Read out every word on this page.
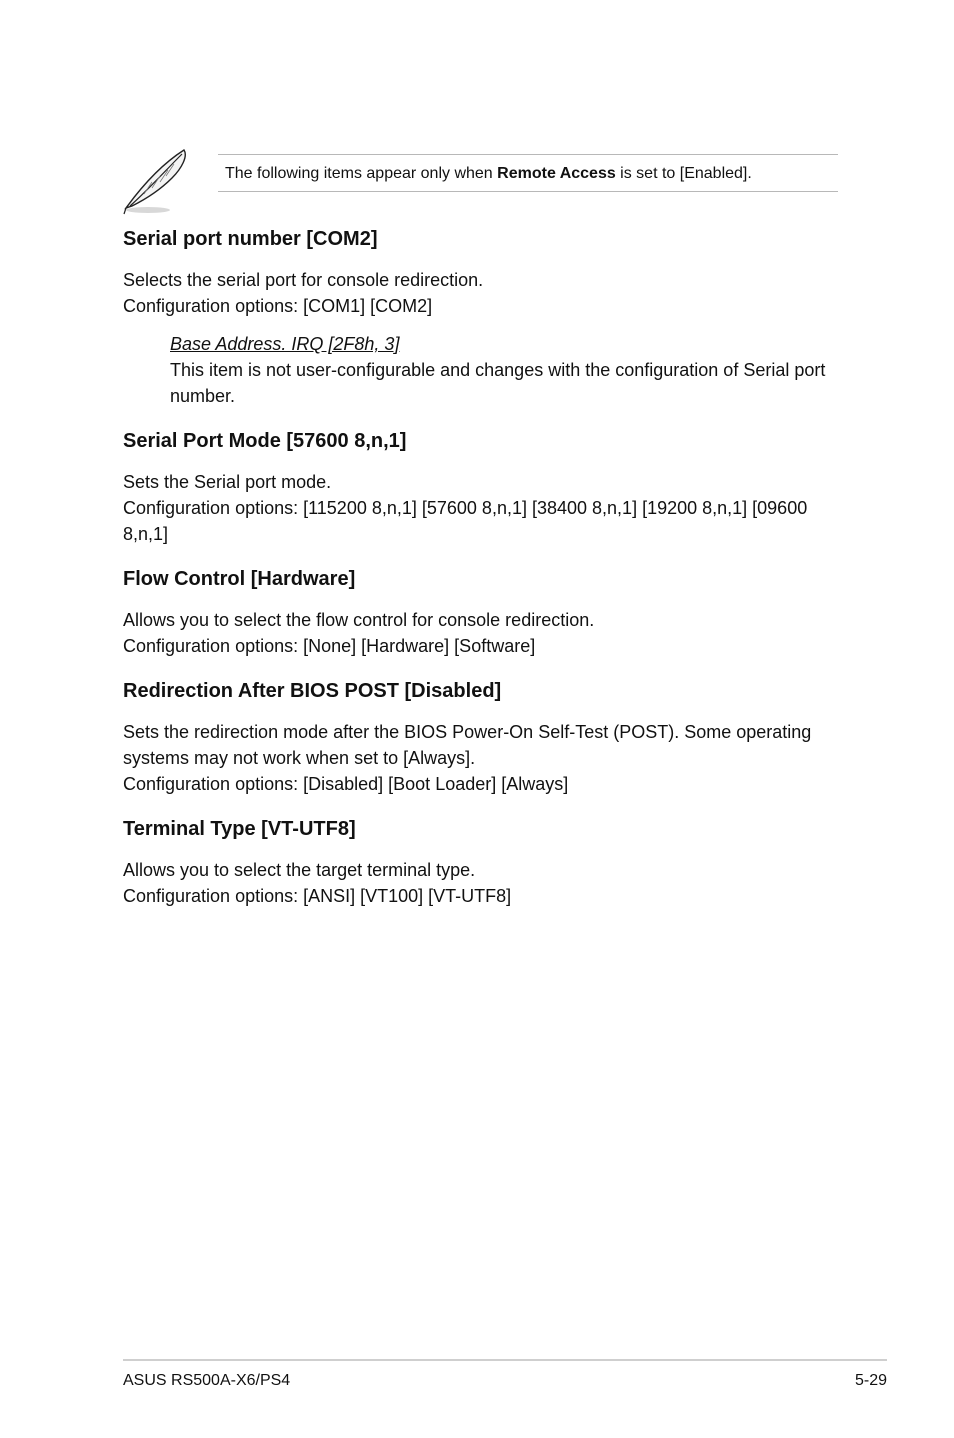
The following items appear only when Remote Access is set to [Enabled].
Serial port number [COM2]

Selects the serial port for console redirection.

Configuration options: [COM1] [COM2]

Base Address. IRQ [2F8h, 3]

This item is not user-configurable and changes with the configuration of Serial port number.

Serial Port Mode [57600 8,n,1]

Sets the Serial port mode.

Configuration options: [115200 8,n,1] [57600 8,n,1] [38400 8,n,1] [19200 8,n,1] [09600 8,n,1]

Flow Control [Hardware]

Allows you to select the flow control for console redirection.

Configuration options: [None] [Hardware] [Software]

Redirection After BIOS POST [Disabled]

Sets the redirection mode after the BIOS Power-On Self-Test (POST). Some operating systems may not work when set to [Always].

Configuration options: [Disabled] [Boot Loader] [Always]

Terminal Type [VT-UTF8]

Allows you to select the target terminal type.

Configuration options: [ANSI] [VT100] [VT-UTF8]

ASUS RS500A-X6/PS4	5-29
